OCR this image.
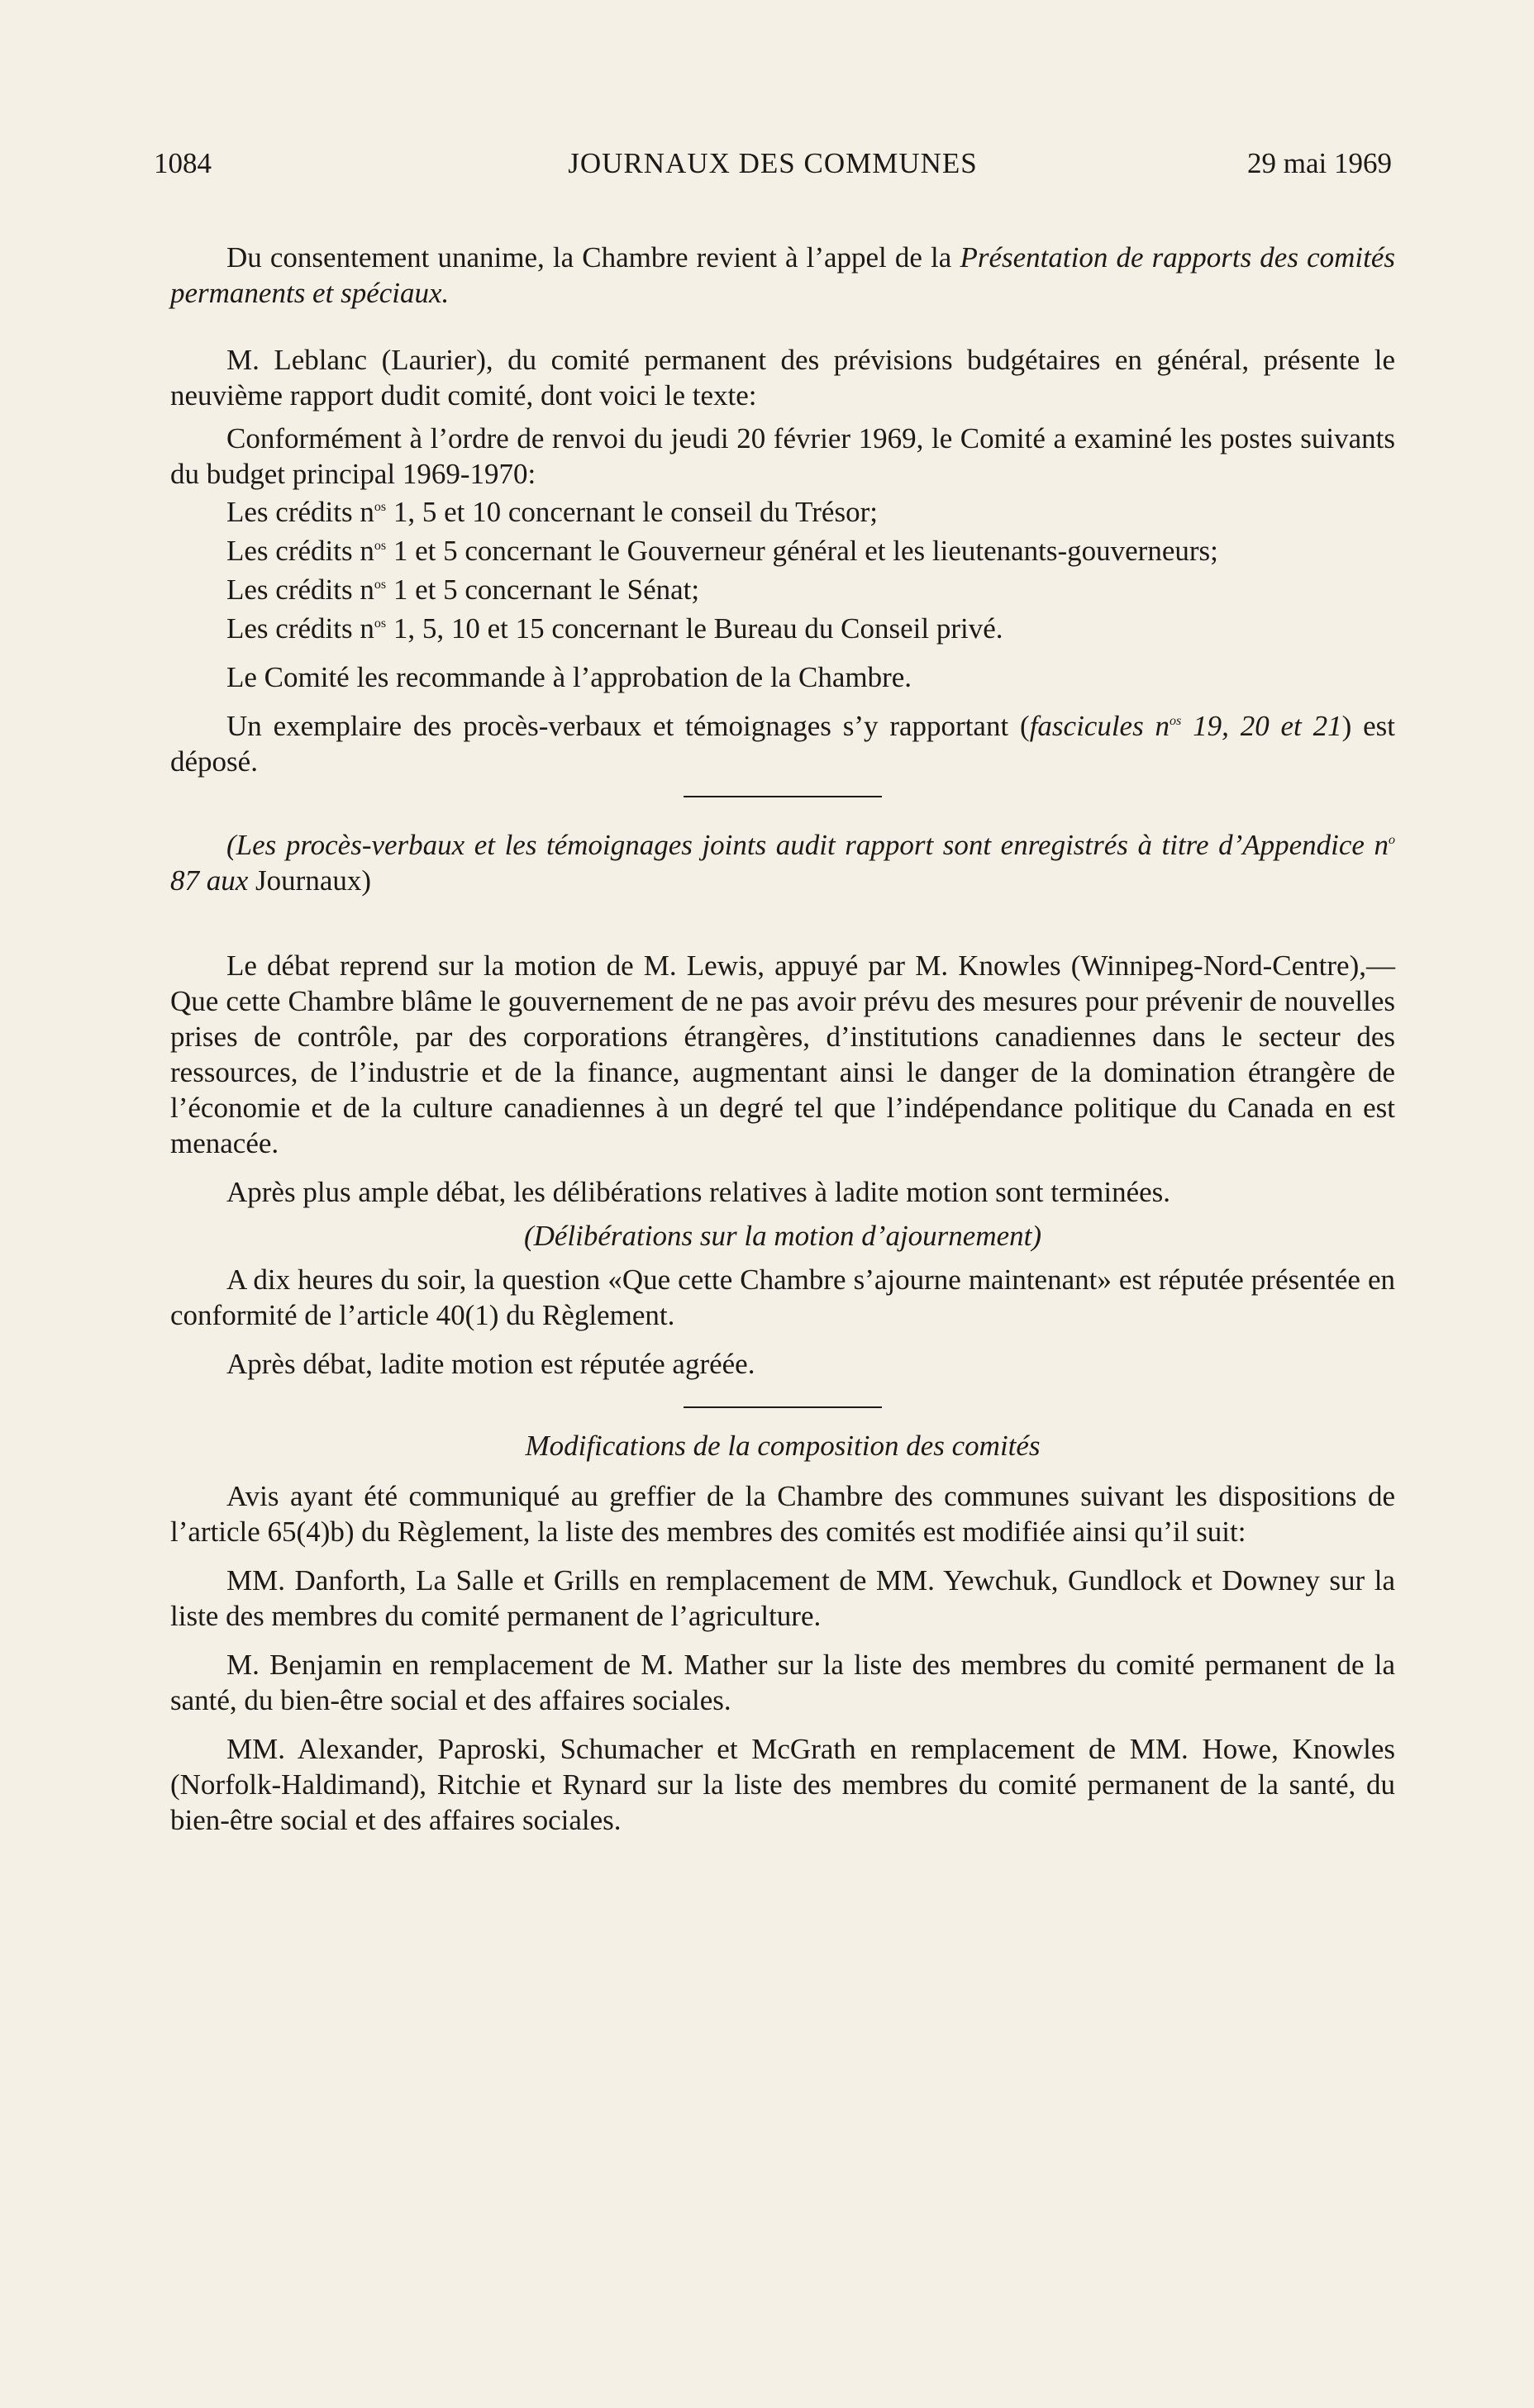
1084	JOURNAUX DES COMMUNES	29 mai 1969

Du consentement unanime, la Chambre revient à l’appel de la Présentation de rapports des comités permanents et spéciaux.

M. Leblanc (Laurier), du comité permanent des prévisions budgétaires en général, présente le neuvième rapport dudit comité, dont voici le texte:

Conformément à l’ordre de renvoi du jeudi 20 février 1969, le Comité a examiné les postes suivants du budget principal 1969-1970:

Les crédits $n^{os}$ 1, 5 et 10 concernant le conseil du Trésor;

Les crédits $n^{os}$ 1 et 5 concernant le Gouverneur général et les lieutenants-gouverneurs;

Les crédits $n^{os}$ 1 et 5 concernant le Sénat;

Les crédits $n^{os}$ 1, 5, 10 et 15 concernant le Bureau du Conseil privé.

Le Comité les recommande à l’approbation de la Chambre.

Un exemplaire des procès-verbaux et témoignages s’y rapportant (fascicules $n^{os}$ 19, 20 et 21) est déposé.

(Les procès-verbaux et les témoignages joints audit rapport sont enregistrés à titre d’Appendice $n^o$ 87 aux Journaux)

Le débat reprend sur la motion de M. Lewis, appuyé par M. Knowles (Winnipeg-Nord-Centre),—Que cette Chambre blâme le gouvernement de ne pas avoir prévu des mesures pour prévenir de nouvelles prises de contrôle, par des corporations étrangères, d’institutions canadiennes dans le secteur des ressources, de l’industrie et de la finance, augmentant ainsi le danger de la domination étrangère de l’économie et de la culture canadiennes à un degré tel que l’indépendance politique du Canada en est menacée.

Après plus ample débat, les délibérations relatives à ladite motion sont terminées.

(Délibérations sur la motion d’ajournement)

A dix heures du soir, la question «Que cette Chambre s’ajourne maintenant» est réputée présentée en conformité de l’article 40(1) du Règlement.

Après débat, ladite motion est réputée agréée.

Modifications de la composition des comités

Avis ayant été communiqué au greffier de la Chambre des communes suivant les dispositions de l’article 65(4)b) du Règlement, la liste des membres des comités est modifiée ainsi qu’il suit:

MM. Danforth, La Salle et Grills en remplacement de MM. Yewchuk, Gundlock et Downey sur la liste des membres du comité permanent de l’agriculture.

M. Benjamin en remplacement de M. Mather sur la liste des membres du comité permanent de la santé, du bien-être social et des affaires sociales.

MM. Alexander, Paproski, Schumacher et McGrath en remplacement de MM. Howe, Knowles (Norfolk-Haldimand), Ritchie et Rynard sur la liste des membres du comité permanent de la santé, du bien-être social et des affaires sociales.
